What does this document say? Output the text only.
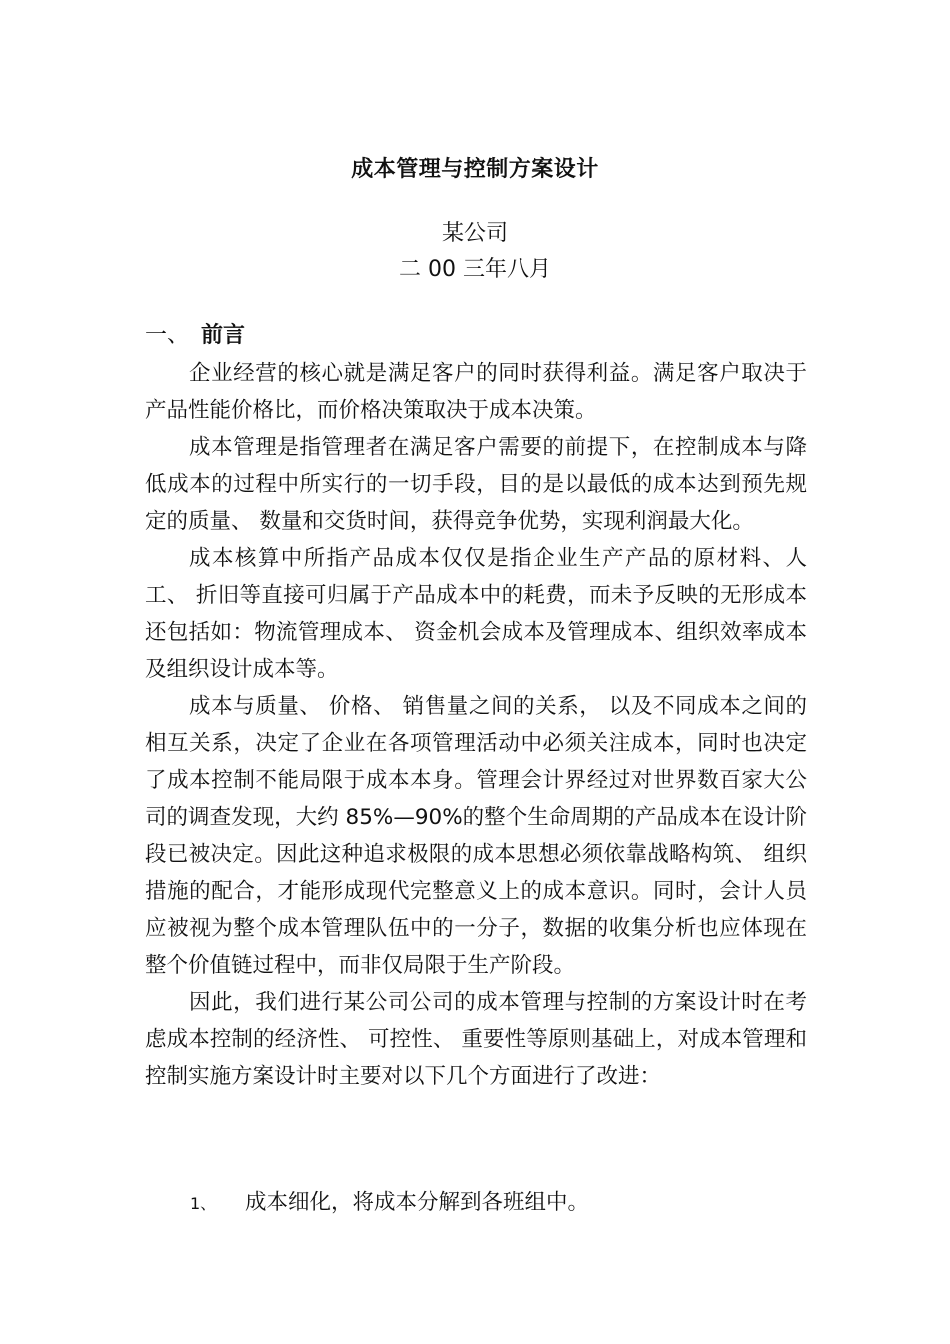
成本管理与控制方案设计
某公司
二 00 三年八月
一、 前言

企业经营的核心就是满足客户的同时获得利益。满足客户取决于产品性能价格比，而价格决策取决于成本决策。

成本管理是指管理者在满足客户需要的前提下，在控制成本与降低成本的过程中所实行的一切手段，目的是以最低的成本达到预先规定的质量、 数量和交货时间，获得竞争优势，实现利润最大化。

成本核算中所指产品成本仅仅是指企业生产产品的原材料、人工、 折旧等直接可归属于产品成本中的耗费，而未予反映的无形成本还包括如：物流管理成本、 资金机会成本及管理成本、组织效率成本及组织设计成本等。

成本与质量、 价格、 销售量之间的关系， 以及不同成本之间的相互关系，决定了企业在各项管理活动中必须关注成本，同时也决定了成本控制不能局限于成本本身。管理会计界经过对世界数百家大公司的调查发现，大约 85%—90%的整个生命周期的产品成本在设计阶段已被决定。因此这种追求极限的成本思想必须依靠战略构筑、 组织措施的配合，才能形成现代完整意义上的成本意识。同时，会计人员应被视为整个成本管理队伍中的一分子，数据的收集分析也应体现在整个价值链过程中，而非仅局限于生产阶段。

因此，我们进行某公司公司的成本管理与控制的方案设计时在考虑成本控制的经济性、 可控性、 重要性等原则基础上，对成本管理和控制实施方案设计时主要对以下几个方面进行了改进：

1、 成本细化，将成本分解到各班组中。
